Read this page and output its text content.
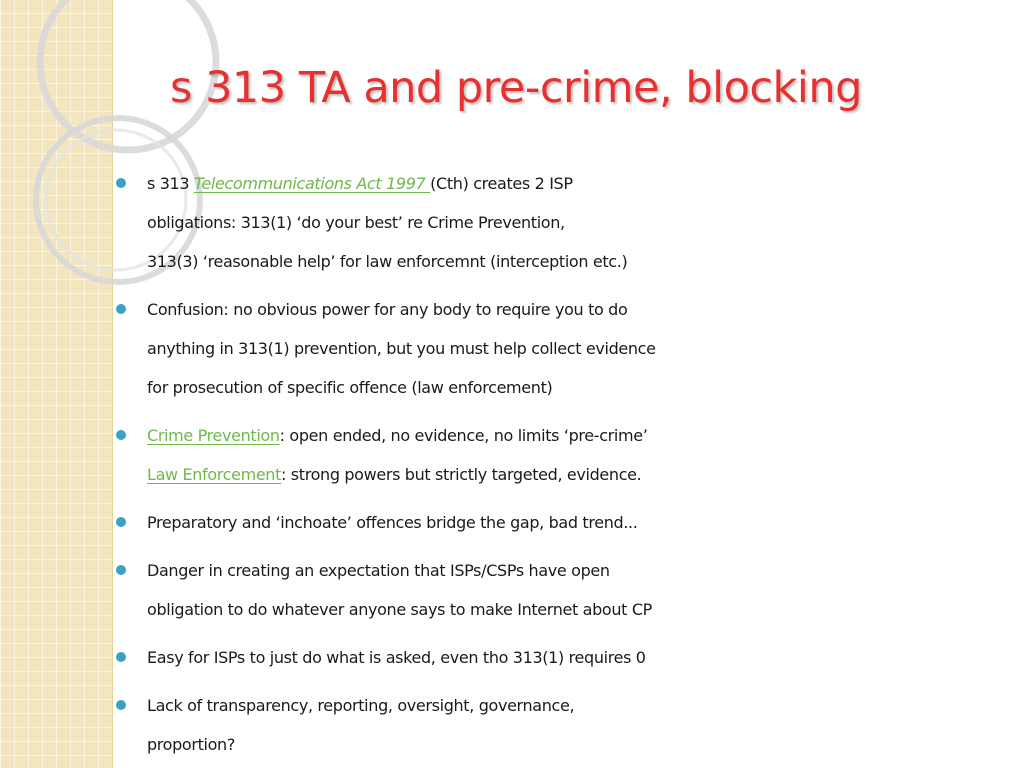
s 313 TA and pre-crime, blocking
s 313 Telecommunications Act 1997 (Cth) creates 2 ISP
obligations: 313(1) ‘do your best’ re Crime Prevention,
313(3) ‘reasonable help’ for law enforcemnt (interception etc.)
Confusion: no obvious power for any body to require you to do
anything in 313(1) prevention, but you must help collect evidence
for prosecution of specific offence (law enforcement)
Crime Prevention: open ended, no evidence, no limits ‘pre-crime’
Law Enforcement: strong powers but strictly targeted, evidence.
Preparatory and ‘inchoate’ offences bridge the gap, bad trend...
Danger in creating an expectation that ISPs/CSPs have open
obligation to do whatever anyone says to make Internet about CP
Easy for ISPs to just do what is asked, even tho 313(1) requires 0
Lack of transparency, reporting, oversight, governance,
proportion?
